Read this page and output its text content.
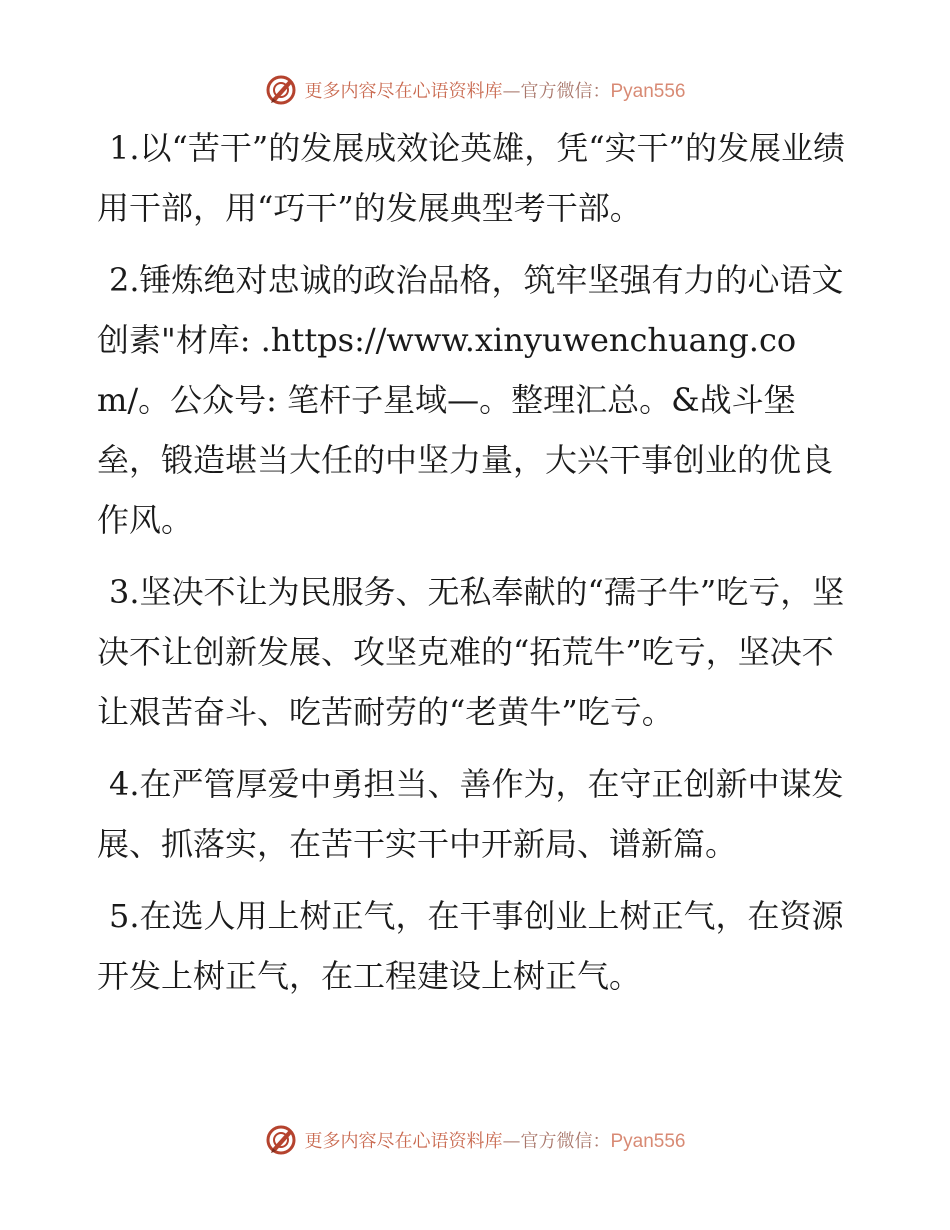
更多内容尽在心语资料库—官方微信：Pyan556

1.以“苦干”的发展成效论英雄，凭“实干”的发展业绩用干部，用“巧干”的发展典型考干部。

2.锤炼绝对忠诚的政治品格，筑牢坚强有力的心语文创素"材库: .https://www.xinyuwenchuang.com/。公众号: 笔杆子星域—。整理汇总。&战斗堡垒，锻造堪当大任的中坚力量，大兴干事创业的优良作风。

3.坚决不让为民服务、无私奉献的“孺子牛”吃亏，坚决不让创新发展、攻坚克难的“拓荒牛”吃亏，坚决不让艰苦奋斗、吃苦耐劳的“老黄牛”吃亏。

4.在严管厚爱中勇担当、善作为，在守正创新中谋发展、抓落实，在苦干实干中开新局、谱新篇。

5.在选人用上树正气，在干事创业上树正气，在资源开发上树正气，在工程建设上树正气。

更多内容尽在心语资料库—官方微信：Pyan556
